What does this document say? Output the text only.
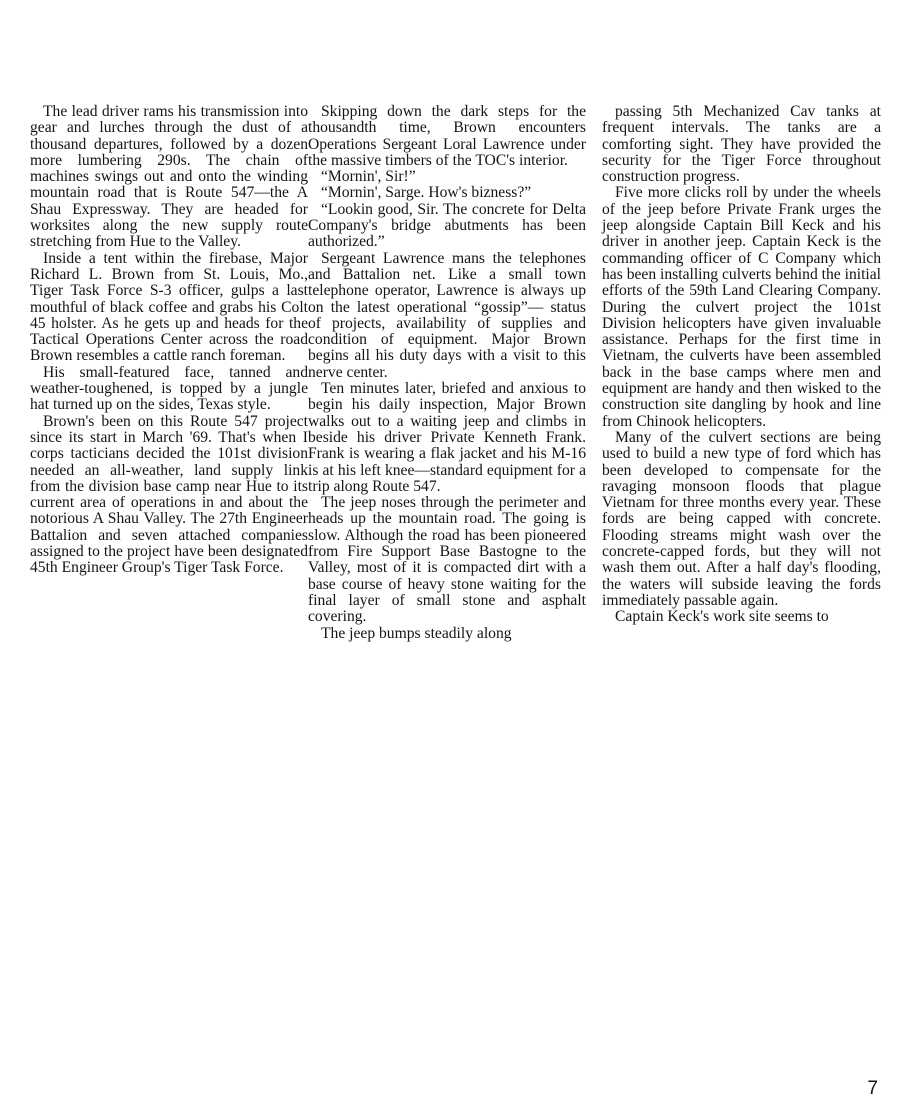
The lead driver rams his transmission into gear and lurches through the dust of a thousand departures, followed by a dozen more lumbering 290s. The chain of machines swings out and onto the winding mountain road that is Route 547—the A Shau Expressway. They are headed for worksites along the new supply route stretching from Hue to the Valley.

Inside a tent within the firebase, Major Richard L. Brown from St. Louis, Mo., Tiger Task Force S-3 officer, gulps a last mouthful of black coffee and grabs his Colt 45 holster. As he gets up and heads for the Tactical Operations Center across the road Brown resembles a cattle ranch foreman.

His small-featured face, tanned and weather-toughened, is topped by a jungle hat turned up on the sides, Texas style.

Brown's been on this Route 547 project since its start in March '69. That's when I corps tacticians decided the 101st division needed an all-weather, land supply link from the division base camp near Hue to its current area of operations in and about the notorious A Shau Valley. The 27th Engineer Battalion and seven attached companies assigned to the project have been designated 45th Engineer Group's Tiger Task Force.

Skipping down the dark steps for the thousandth time, Brown encounters Operations Sergeant Loral Lawrence under the massive timbers of the TOC's interior.

“Mornin', Sir!”

“Mornin', Sarge. How's bizness?”

“Lookin good, Sir. The concrete for Delta Company's bridge abutments has been authorized.”

Sergeant Lawrence mans the telephones and Battalion net. Like a small town telephone operator, Lawrence is always up on the latest operational “gossip”— status of projects, availability of supplies and condition of equipment. Major Brown begins all his duty days with a visit to this nerve center.

Ten minutes later, briefed and anxious to begin his daily inspection, Major Brown walks out to a waiting jeep and climbs in beside his driver Private Kenneth Frank. Frank is wearing a flak jacket and his M-16 is at his left knee—standard equipment for a trip along Route 547.

The jeep noses through the perimeter and heads up the mountain road. The going is slow. Although the road has been pioneered from Fire Support Base Bastogne to the Valley, most of it is compacted dirt with a base course of heavy stone waiting for the final layer of small stone and asphalt covering.

The jeep bumps steadily along

passing 5th Mechanized Cav tanks at frequent intervals. The tanks are a comforting sight. They have provided the security for the Tiger Force throughout construction progress.

Five more clicks roll by under the wheels of the jeep before Private Frank urges the jeep alongside Captain Bill Keck and his driver in another jeep. Captain Keck is the commanding officer of C Company which has been installing culverts behind the initial efforts of the 59th Land Clearing Company. During the culvert project the 101st Division helicopters have given invaluable assistance. Perhaps for the first time in Vietnam, the culverts have been assembled back in the base camps where men and equipment are handy and then wisked to the construction site dangling by hook and line from Chinook helicopters.

Many of the culvert sections are being used to build a new type of ford which has been developed to compensate for the ravaging monsoon floods that plague Vietnam for three months every year. These fords are being capped with concrete. Flooding streams might wash over the concrete-capped fords, but they will not wash them out. After a half day's flooding, the waters will subside leaving the fords immediately passable again.

Captain Keck's work site seems to

7
